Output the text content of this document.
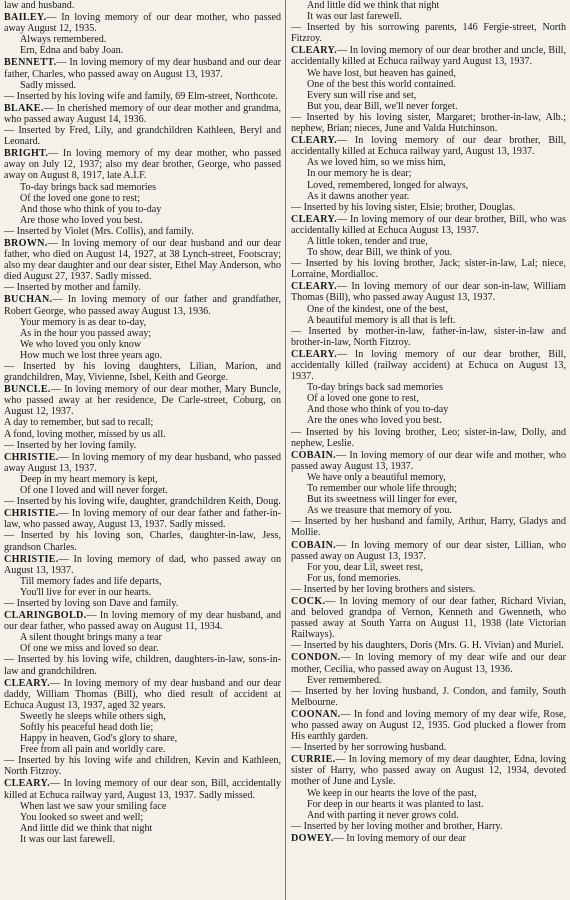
law and husband.
BAILEY.— In loving memory of our dear mother, who passed away August 12, 1935.
Always remembered.
Ern, Edna and baby Joan.
BENNETT.— In loving memory of my dear husband and our dear father, Charles, who passed away on August 13, 1937.
Sadly missed.
— Inserted by his loving wife and family, 69 Elm-street, Northcote.
BLAKE.— In cherished memory of our dear mother and grandma, who passed away August 14, 1936.
— Inserted by Fred, Lily, and grandchildren Kathleen, Beryl and Leonard.
BRIGHT.— In loving memory of my dear mother, who passed away on July 12, 1937; also my dear brother, George, who passed away on August 8, 1917, late A.I.F.
To-day brings back sad memories
Of the loved one gone to rest;
And those who think of you to-day
Are those who loved you best.
— Inserted by Violet (Mrs. Collis), and family.
BROWN.— In loving memory of our dear husband and our dear father, who died on August 14, 1927, at 38 Lynch-street, Footscray; also my dear daughter and our dear sister, Ethel May Anderson, who died August 27, 1937. Sadly missed.
— Inserted by mother and family.
BUCHAN.— In loving memory of our father and grandfather, Robert George, who passed away August 13, 1936.
Your memory is as dear to-day,
As in the hour you passed away;
We who loved you only know
How much we lost three years ago.
— Inserted by his loving daughters, Lilian, Marion, and grandchildren, May, Vivienne, Isbel, Keith and George.
BUNCLE.— In loving memory of our dear mother, Mary Buncle, who passed away at her residence, De Carle-street, Coburg, on August 12, 1937.
A day to remember, but sad to recall;
A fond, loving mother, missed by us all.
— Inserted by her loving family.
CHRISTIE.— In loving memory of my dear husband, who passed away August 13, 1937.
Deep in my heart memory is kept,
Of one I loved and will never forget.
— Inserted by his loving wife, daughter, grandchildren Keith, Doug.
CHRISTIE.— In loving memory of our dear father and father-in-law, who passed away, August 13, 1937. Sadly missed.
— Inserted by his loving son, Charles, daughter-in-law, Jess, grandson Charles.
CHRISTIE.— In loving memory of dad, who passed away on August 13, 1937.
Till memory fades and life departs,
You'll live for ever in our hearts.
— Inserted by loving son Dave and family.
CLARINGBOLD.— In loving memory of my dear husband, and our dear father, who passed away on August 11, 1934.
A silent thought brings many a tear
Of one we miss and loved so dear.
— Inserted by his loving wife, children, daughters-in-law, sons-in-law and grandchildren.
CLEARY.— In loving memory of my dear husband and our dear daddy, William Thomas (Bill), who died result of accident at Echuca August 13, 1937, aged 32 years.
Sweetly he sleeps while others sigh,
Softly his peaceful head doth lie;
Happy in heaven, God's glory to share,
Free from all pain and worldly care.
— Inserted by his loving wife and children, Kevin and Kathleen, North Fitzroy.
CLEARY.— In loving memory of our dear son, Bill, accidentally killed at Echuca railway yard, August 13, 1937. Sadly missed.
When last we saw your smiling face
You looked so sweet and well;
And little did we think that night
It was our last farewell.
And little did we think that night
It was our last farewell.
— Inserted by his sorrowing parents, 146 Fergie-street, North Fitzroy.
CLEARY.— In loving memory of our dear brother and uncle, Bill, accidentally killed at Echuca railway yard August 13, 1937.
We have lost, but heaven has gained,
One of the best this world contained.
Every sun will rise and set,
But you, dear Bill, we'll never forget.
— Inserted by his loving sister, Margaret; brother-in-law, Alb.; nephew, Brian; nieces, June and Valda Hutchinson.
CLEARY.— In loving memory of our dear brother, Bill, accidentally killed at Echuca railway yard, August 13, 1937.
As we loved him, so we miss him,
In our memory he is dear;
Loved, remembered, longed for always,
As it dawns another year.
— Inserted by his loving sister, Elsie; brother, Douglas.
CLEARY.— In loving memory of our dear brother, Bill, who was accidentally killed at Echuca August 13, 1937.
A little token, tender and true,
To show, dear Bill, we think of you.
— Inserted by his loving brother, Jack; sister-in-law, Lal; niece, Lorraine, Mordialloc.
CLEARY.— In loving memory of our dear son-in-law, William Thomas (Bill), who passed away August 13, 1937.
One of the kindest, one of the best,
A beautiful memory is all that is left.
— Inserted by mother-in-law, father-in-law, sister-in-law and brother-in-law, North Fitzroy.
CLEARY.— In loving memory of our dear brother, Bill, accidentally killed (railway accident) at Echuca on August 13, 1937.
To-day brings back sad memories
Of a loved one gone to rest,
And those who think of you to-day
Are the ones who loved you best.
— Inserted by his loving brother, Leo; sister-in-law, Dolly, and nephew, Leslie.
COBAIN.— In loving memory of our dear wife and mother, who passed away August 13, 1937.
We have only a beautiful memory,
To remember our whole life through;
But its sweetness will linger for ever,
As we treasure that memory of you.
— Inserted by her husband and family, Arthur, Harry, Gladys and Mollie.
COBAIN.— In loving memory of our dear sister, Lillian, who passed away on August 13, 1937.
For you, dear Lil, sweet rest,
For us, fond memories.
— Inserted by her loving brothers and sisters.
COCK.— In loving memory of our dear father, Richard Vivian, and beloved grandpa of Vernon, Kenneth and Gwenneth, who passed away at South Yarra on August 11, 1938 (late Victorian Railways).
— Inserted by his daughters, Doris (Mrs. G. H. Vivian) and Muriel.
CONDON.— In loving memory of my dear wife and our dear mother, Cecilia, who passed away on August 13, 1936.
Ever remembered.
— Inserted by her loving husband, J. Condon, and family, South Melbourne.
COONAN.— In fond and loving memory of my dear wife, Rose, who passed away on August 12, 1935. God plucked a flower from His earthly garden.
— Inserted by her sorrowing husband.
CURRIE.— In loving memory of my dear daughter, Edna, loving sister of Harry, who passed away on August 12, 1934, devoted mother of June and Lysle.
We keep in our hearts the love of the past,
For deep in our hearts it was planted to last.
And with parting it never grows cold.
— Inserted by her loving mother and brother, Harry.
DOWEY.— In loving memory of our dear
